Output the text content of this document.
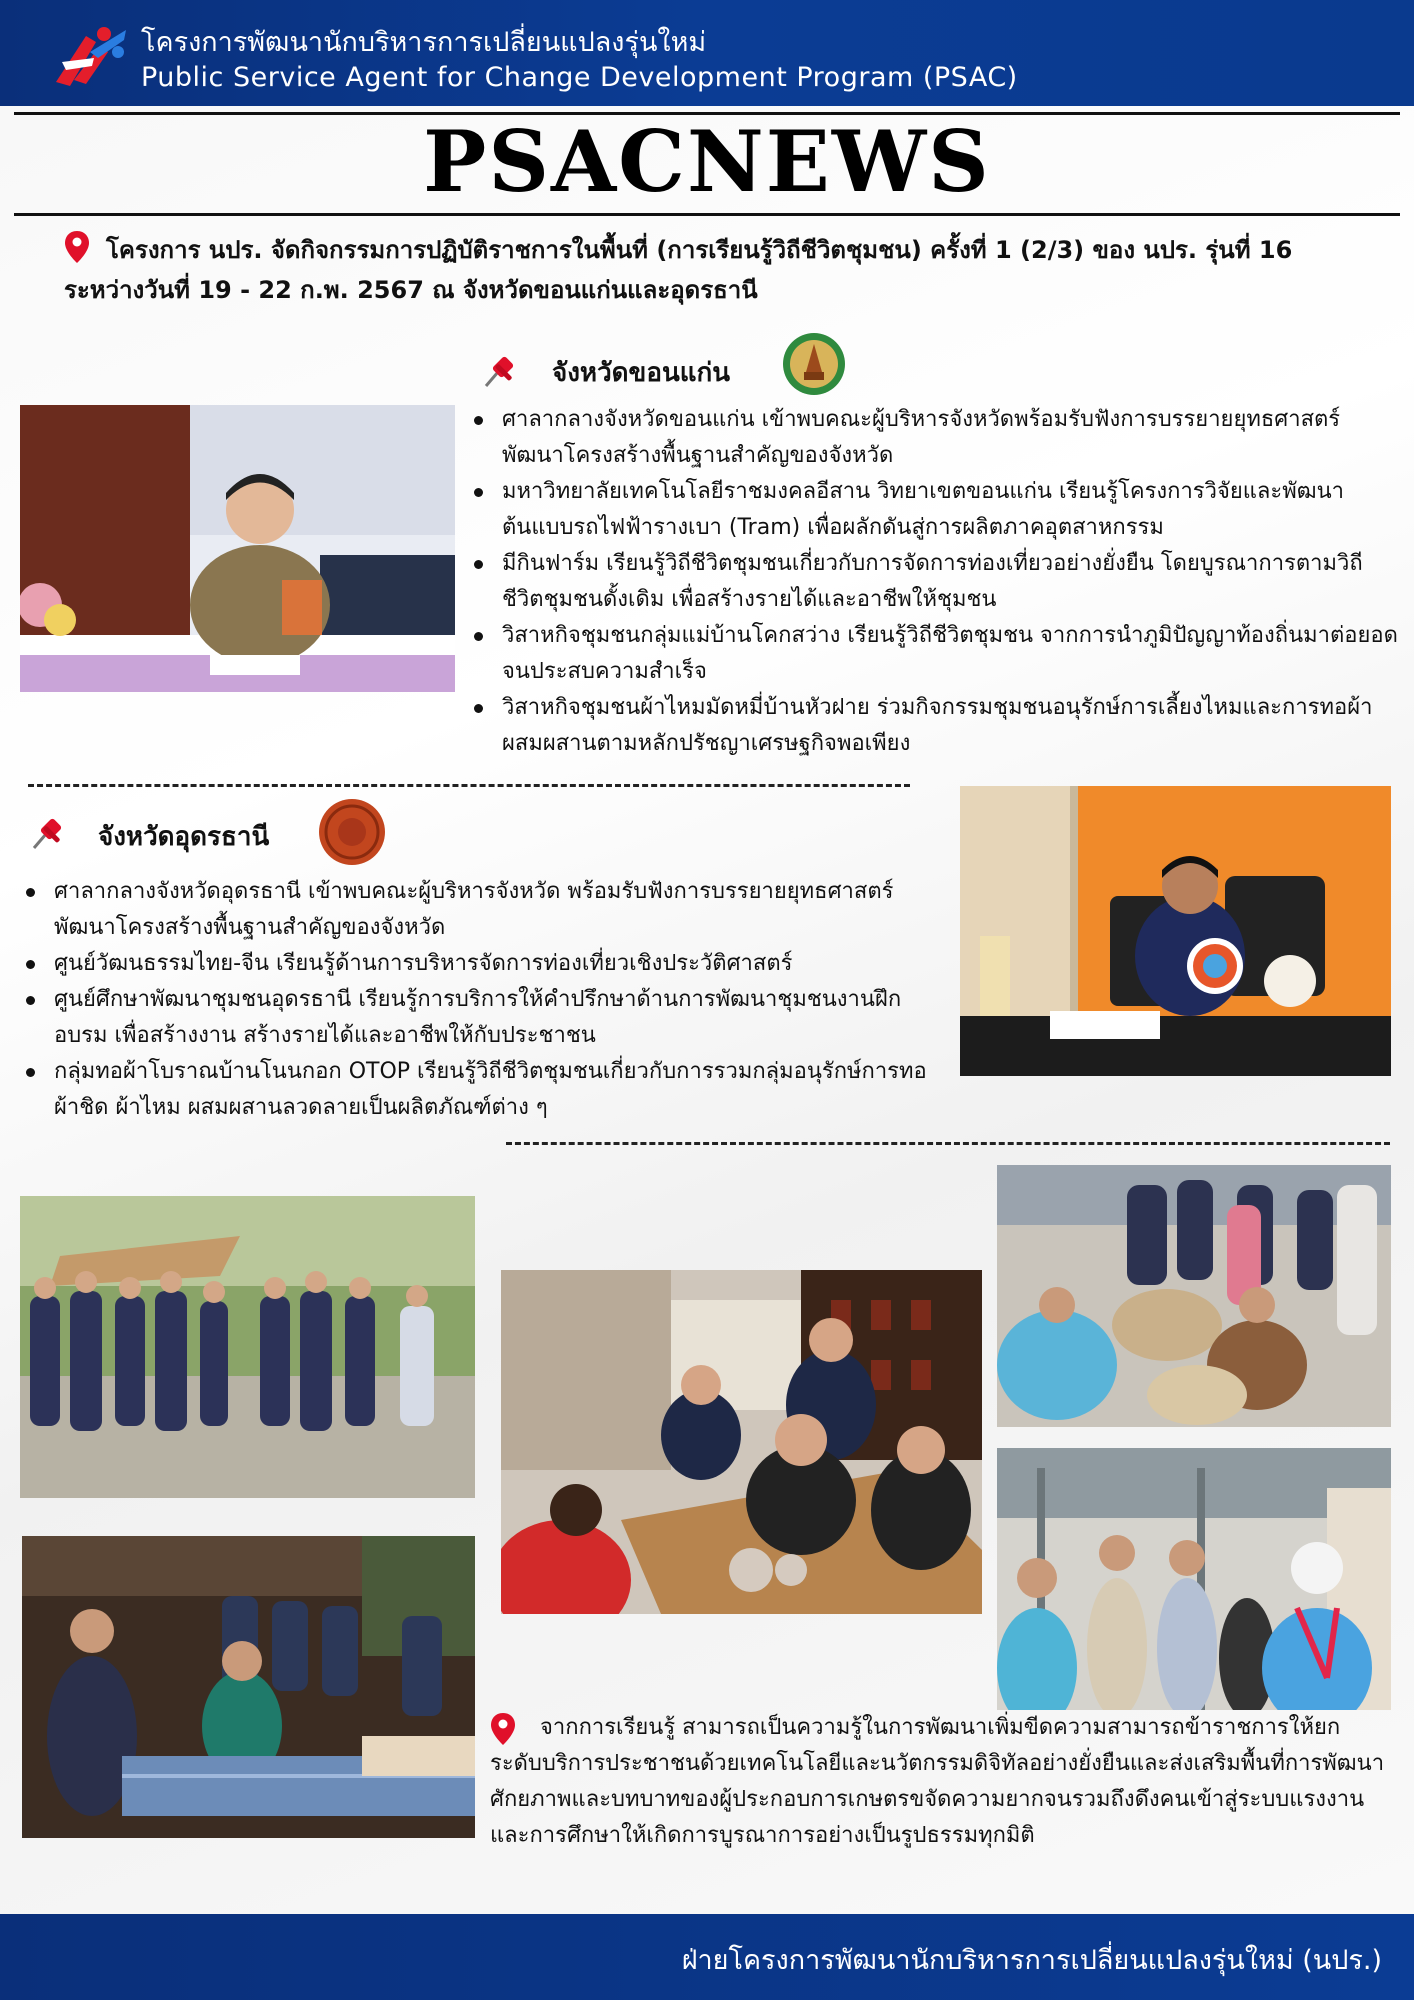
โครงการพัฒนานักบริหารการเปลี่ยนแปลงรุ่นใหม่
Public Service Agent for Change Development Program (PSAC)
PSACNEWS
โครงการ นปร. จัดกิจกรรมการปฏิบัติราชการในพื้นที่ (การเรียนรู้วิถีชีวิตชุมชน) ครั้งที่ 1 (2/3) ของ นปร. รุ่นที่ 16 ระหว่างวันที่ 19 - 22 ก.พ. 2567 ณ จังหวัดขอนแก่นและอุดรธานี
จังหวัดขอนแก่น
ศาลากลางจังหวัดขอนแก่น เข้าพบคณะผู้บริหารจังหวัดพร้อมรับฟังการบรรยายยุทธศาสตร์พัฒนาโครงสร้างพื้นฐานสำคัญของจังหวัด
มหาวิทยาลัยเทคโนโลยีราชมงคลอีสาน วิทยาเขตขอนแก่น เรียนรู้โครงการวิจัยและพัฒนาต้นแบบรถไฟฟ้ารางเบา (Tram) เพื่อผลักดันสู่การผลิตภาคอุตสาหกรรม
มีกินฟาร์ม เรียนรู้วิถีชีวิตชุมชนเกี่ยวกับการจัดการท่องเที่ยวอย่างยั่งยืน โดยบูรณาการตามวิถีชีวิตชุมชนดั้งเดิม เพื่อสร้างรายได้และอาชีพให้ชุมชน
วิสาหกิจชุมชนกลุ่มแม่บ้านโคกสว่าง เรียนรู้วิถีชีวิตชุมชน จากการนำภูมิปัญญาท้องถิ่นมาต่อยอดจนประสบความสำเร็จ
วิสาหกิจชุมชนผ้าไหมมัดหมี่บ้านหัวฝาย ร่วมกิจกรรมชุมชนอนุรักษ์การเลี้ยงไหมและการทอผ้าผสมผสานตามหลักปรัชญาเศรษฐกิจพอเพียง
จังหวัดอุดรธานี
ศาลากลางจังหวัดอุดรธานี เข้าพบคณะผู้บริหารจังหวัด พร้อมรับฟังการบรรยายยุทธศาสตร์พัฒนาโครงสร้างพื้นฐานสำคัญของจังหวัด
ศูนย์วัฒนธรรมไทย-จีน เรียนรู้ด้านการบริหารจัดการท่องเที่ยวเชิงประวัติศาสตร์
ศูนย์ศึกษาพัฒนาชุมชนอุดรธานี เรียนรู้การบริการให้คำปรึกษาด้านการพัฒนาชุมชนงานฝึกอบรม เพื่อสร้างงาน สร้างรายได้และอาชีพให้กับประชาชน
กลุ่มทอผ้าโบราณบ้านโนนกอก OTOP เรียนรู้วิถีชีวิตชุมชนเกี่ยวกับการรวมกลุ่มอนุรักษ์การทอผ้าชิด ผ้าไหม ผสมผสานลวดลายเป็นผลิตภัณฑ์ต่าง ๆ
จากการเรียนรู้ สามารถเป็นความรู้ในการพัฒนาเพิ่มขีดความสามารถข้าราชการให้ยกระดับบริการประชาชนด้วยเทคโนโลยีและนวัตกรรมดิจิทัลอย่างยั่งยืนและส่งเสริมพื้นที่การพัฒนาศักยภาพและบทบาทของผู้ประกอบการเกษตรขจัดความยากจนรวมถึงดึงคนเข้าสู่ระบบแรงงานและการศึกษาให้เกิดการบูรณาการอย่างเป็นรูปธรรมทุกมิติ
ฝ่ายโครงการพัฒนานักบริหารการเปลี่ยนแปลงรุ่นใหม่ (นปร.)
